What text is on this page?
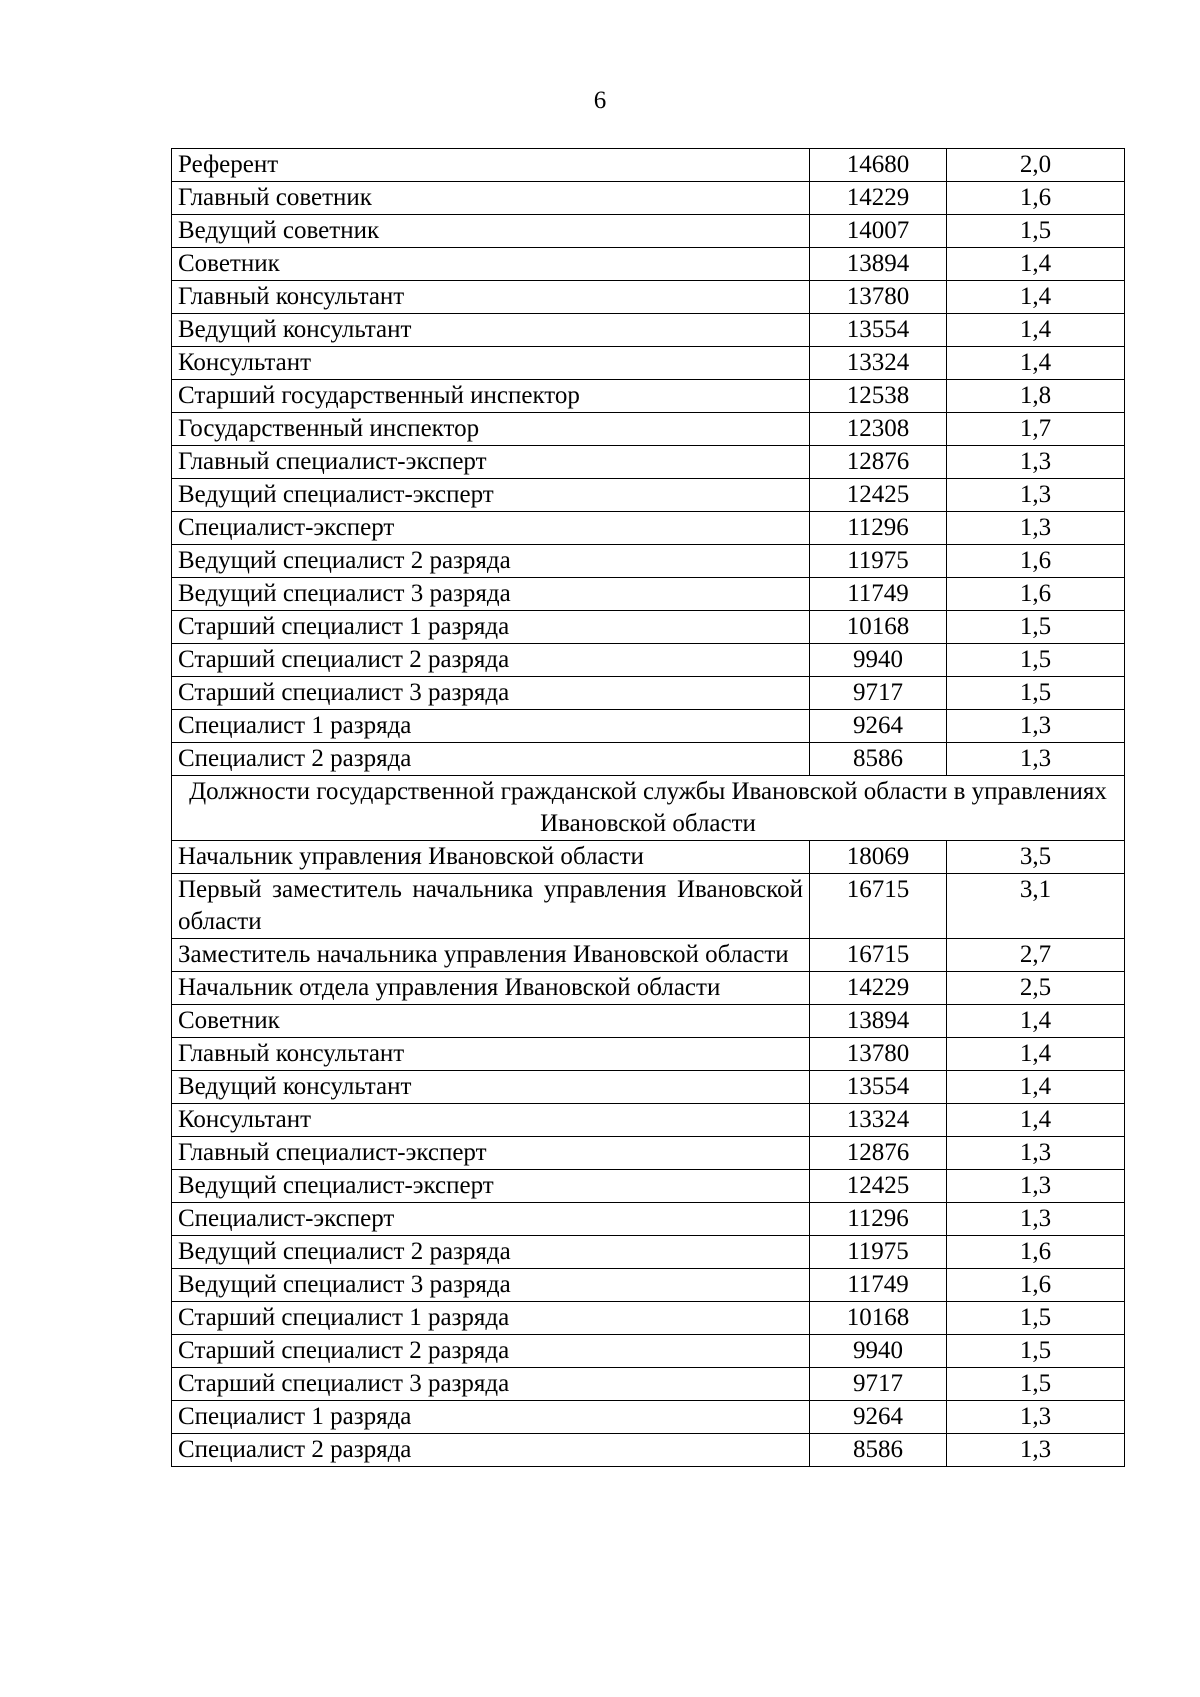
6
Референт	14680	2,0
Главный советник	14229	1,6
Ведущий советник	14007	1,5
Советник	13894	1,4
Главный консультант	13780	1,4
Ведущий консультант	13554	1,4
Консультант	13324	1,4
Старший государственный инспектор	12538	1,8
Государственный инспектор	12308	1,7
Главный специалист-эксперт	12876	1,3
Ведущий специалист-эксперт	12425	1,3
Специалист-эксперт	11296	1,3
Ведущий специалист 2 разряда	11975	1,6
Ведущий специалист 3 разряда	11749	1,6
Старший специалист 1 разряда	10168	1,5
Старший специалист 2 разряда	9940	1,5
Старший специалист 3 разряда	9717	1,5
Специалист 1 разряда	9264	1,3
Специалист 2 разряда	8586	1,3
Должности государственной гражданской службы Ивановской области в управлениях Ивановской области		
Начальник управления Ивановской области	18069	3,5
Первый заместитель начальника управления Ивановской области	16715	3,1
Заместитель начальника управления Ивановской области	16715	2,7
Начальник отдела управления Ивановской области	14229	2,5
Советник	13894	1,4
Главный консультант	13780	1,4
Ведущий консультант	13554	1,4
Консультант	13324	1,4
Главный специалист-эксперт	12876	1,3
Ведущий специалист-эксперт	12425	1,3
Специалист-эксперт	11296	1,3
Ведущий специалист 2 разряда	11975	1,6
Ведущий специалист 3 разряда	11749	1,6
Старший специалист 1 разряда	10168	1,5
Старший специалист 2 разряда	9940	1,5
Старший специалист 3 разряда	9717	1,5
Специалист 1 разряда	9264	1,3
Специалист 2 разряда	8586	1,3
